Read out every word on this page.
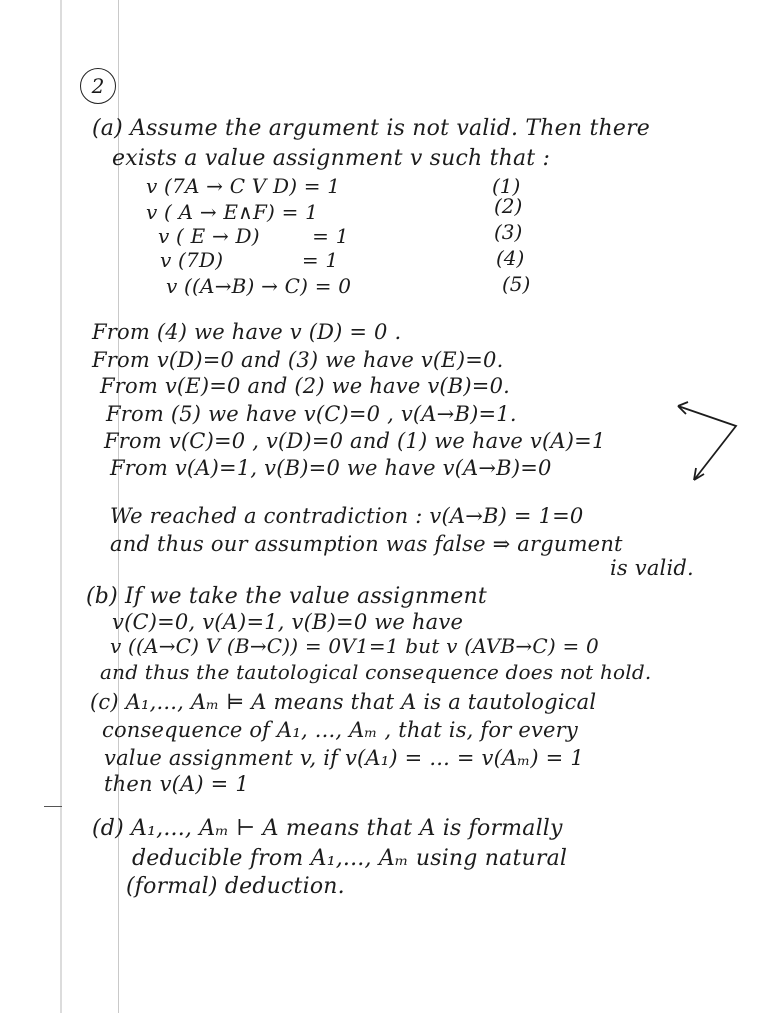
2
(a) Assume the argument is not valid. Then there
exists a value assignment v such that :
v (7A → C V D) = 1	(1)
v ( A → E∧F) = 1	(2)
v ( E → D)        = 1	(3)
v (7D)            = 1	(4)
v ((A→B) → C) = 0	(5)
From (4) we have v (D) = 0 .
From v(D)=0 and (3) we have v(E)=0.
From v(E)=0 and (2) we have v(B)=0.
From (5) we have v(C)=0 , v(A→B)=1.
From v(C)=0 , v(D)=0 and (1) we have v(A)=1
From v(A)=1, v(B)=0 we have v(A→B)=0
We reached a contradiction : v(A→B) = 1=0
and thus our assumption was false ⇒ argument
is valid.
(b) If we take the value assignment
v(C)=0, v(A)=1, v(B)=0 we have
v ((A→C) V (B→C)) = 0V1=1 but v (AVB→C) = 0
and thus the tautological consequence does not hold.
(c) A₁,..., Aₘ ⊨ A means that A is a tautological
consequence of A₁, ..., Aₘ , that is, for every
value assignment v, if v(A₁) = ... = v(Aₘ) = 1
then v(A) = 1
(d) A₁,..., Aₘ ⊢ A means that A is formally
deducible from A₁,..., Aₘ using natural
(formal) deduction.
